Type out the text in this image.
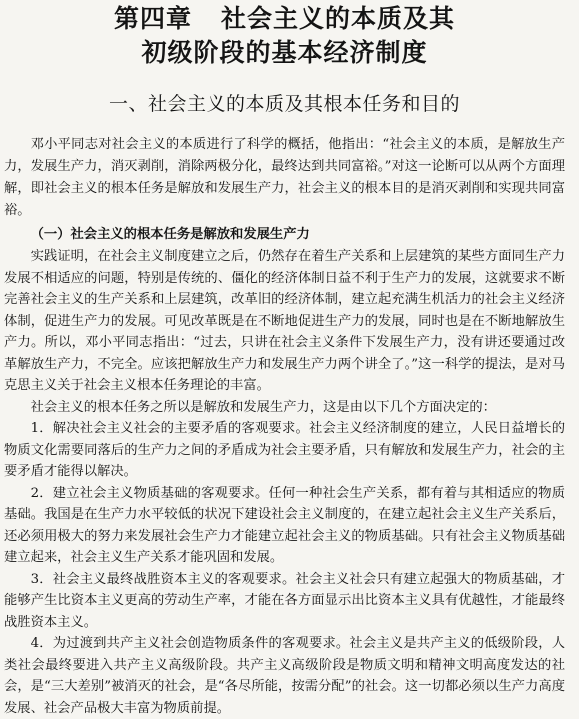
第四章   社会主义的本质及其
初级阶段的基本经济制度
一、社会主义的本质及其根本任务和目的

邓小平同志对社会主义的本质进行了科学的概括，他指出：“社会主义的本质，是解放生产力，发展生产力，消灭剥削，消除两极分化，最终达到共同富裕。”对这一论断可以从两个方面理解，即社会主义的根本任务是解放和发展生产力，社会主义的根本目的是消灭剥削和实现共同富裕。

（一）社会主义的根本任务是解放和发展生产力

实践证明，在社会主义制度建立之后，仍然存在着生产关系和上层建筑的某些方面同生产力发展不相适应的问题，特别是传统的、僵化的经济体制日益不利于生产力的发展，这就要求不断完善社会主义的生产关系和上层建筑，改革旧的经济体制，建立起充满生机活力的社会主义经济体制，促进生产力的发展。可见改革既是在不断地促进生产力的发展，同时也是在不断地解放生产力。所以，邓小平同志指出：“过去，只讲在社会主义条件下发展生产力，没有讲还要通过改革解放生产力，不完全。应该把解放生产力和发展生产力两个讲全了。”这一科学的提法，是对马克思主义关于社会主义根本任务理论的丰富。

社会主义的根本任务之所以是解放和发展生产力，这是由以下几个方面决定的：

1．解决社会主义社会的主要矛盾的客观要求。社会主义经济制度的建立，人民日益增长的物质文化需要同落后的生产力之间的矛盾成为社会主要矛盾，只有解放和发展生产力，社会的主要矛盾才能得以解决。

2．建立社会主义物质基础的客观要求。任何一种社会生产关系，都有着与其相适应的物质基础。我国是在生产力水平较低的状况下建设社会主义制度的，在建立起社会主义生产关系后，还必须用极大的努力来发展社会生产力才能建立起社会主义的物质基础。只有社会主义物质基础建立起来，社会主义生产关系才能巩固和发展。

3．社会主义最终战胜资本主义的客观要求。社会主义社会只有建立起强大的物质基础，才能够产生比资本主义更高的劳动生产率，才能在各方面显示出比资本主义具有优越性，才能最终战胜资本主义。

4．为过渡到共产主义社会创造物质条件的客观要求。社会主义是共产主义的低级阶段，人类社会最终要进入共产主义高级阶段。共产主义高级阶段是物质文明和精神文明高度发达的社会，是“三大差别”被消灭的社会，是“各尽所能，按需分配”的社会。这一切都必须以生产力高度发展、社会产品极大丰富为物质前提。
